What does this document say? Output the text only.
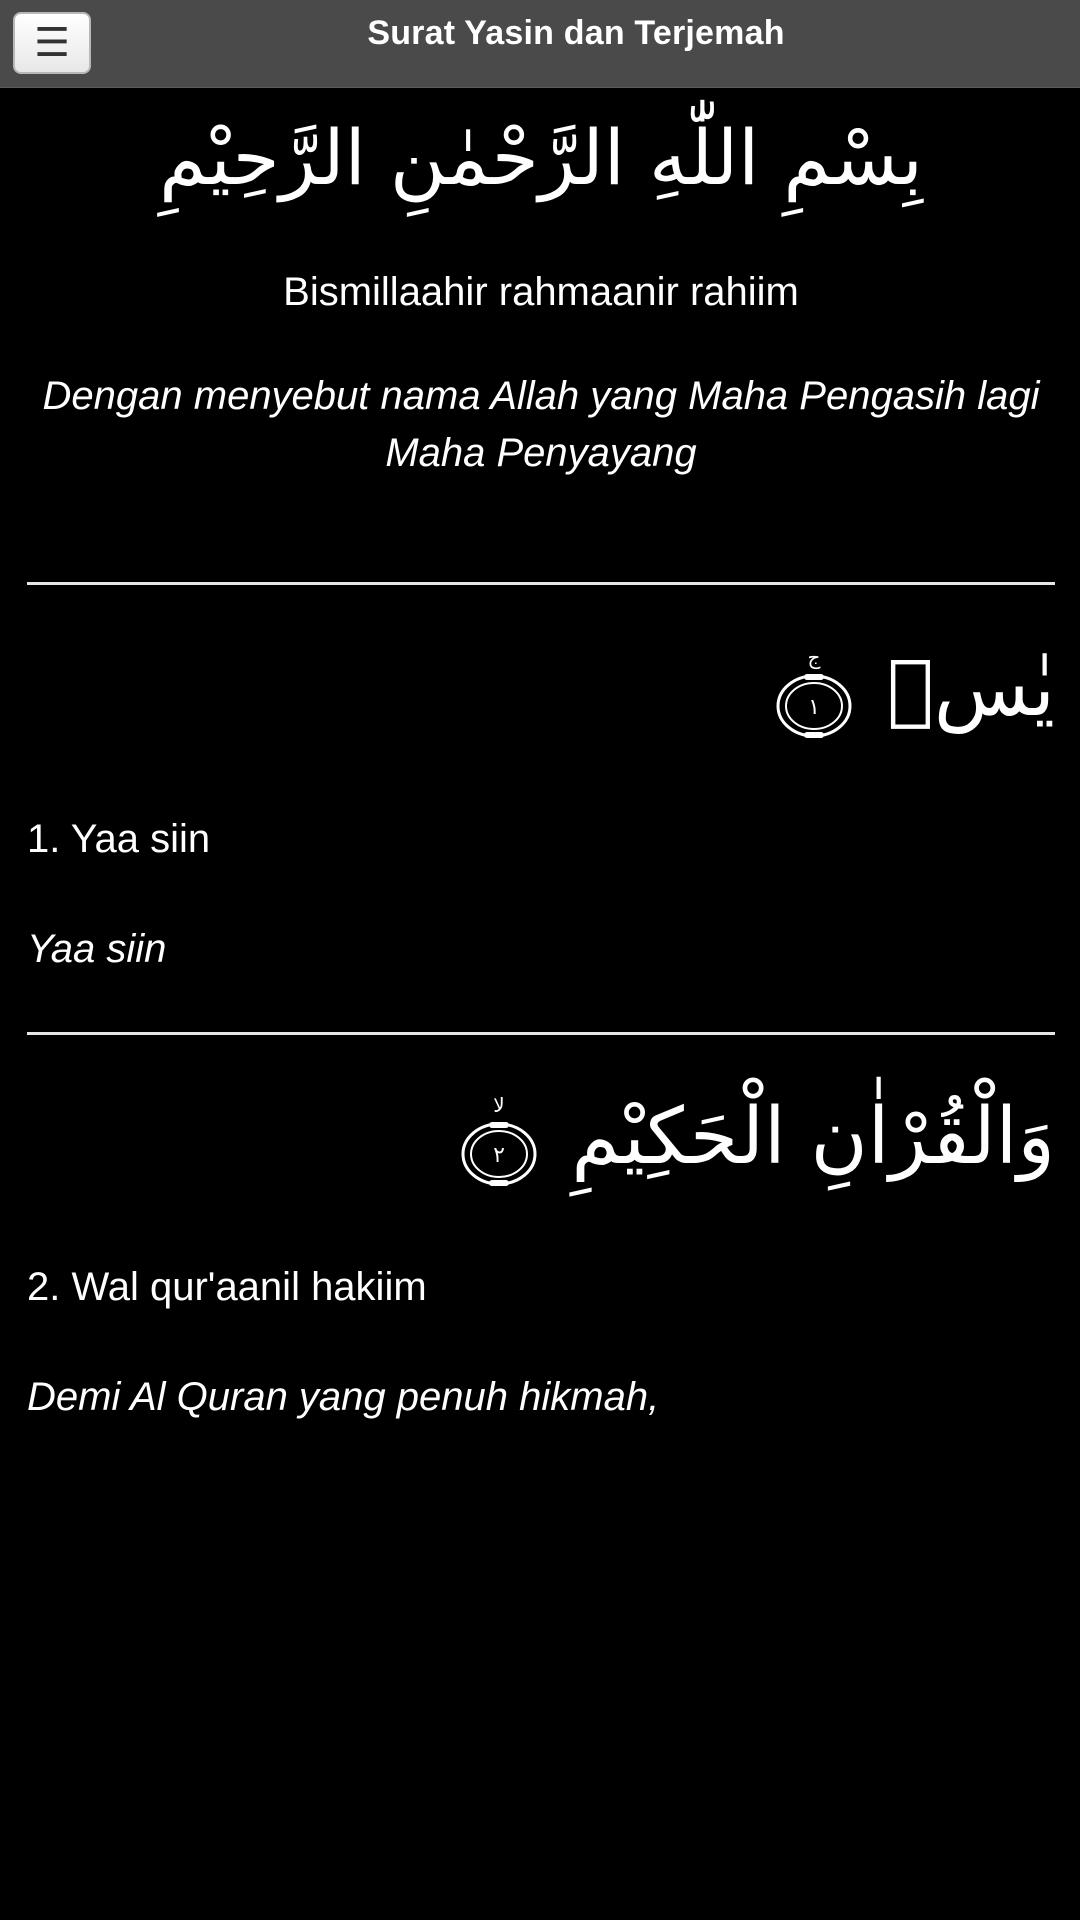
☰	Surat Yasin dan Terjemah
بِسْمِ اللّٰهِ الرَّحْمٰنِ الرَّحِيْمِ
Bismillaahir rahmaanir rahiim
Dengan menyebut nama Allah yang Maha Pengasih lagi Maha Penyayang
يٰسۤ
ج
١
1. Yaa siin
Yaa siin
وَالْقُرْاٰنِ الْحَكِيْمِ
لا
٢
2. Wal qur'aanil hakiim
Demi Al Quran yang penuh hikmah,
